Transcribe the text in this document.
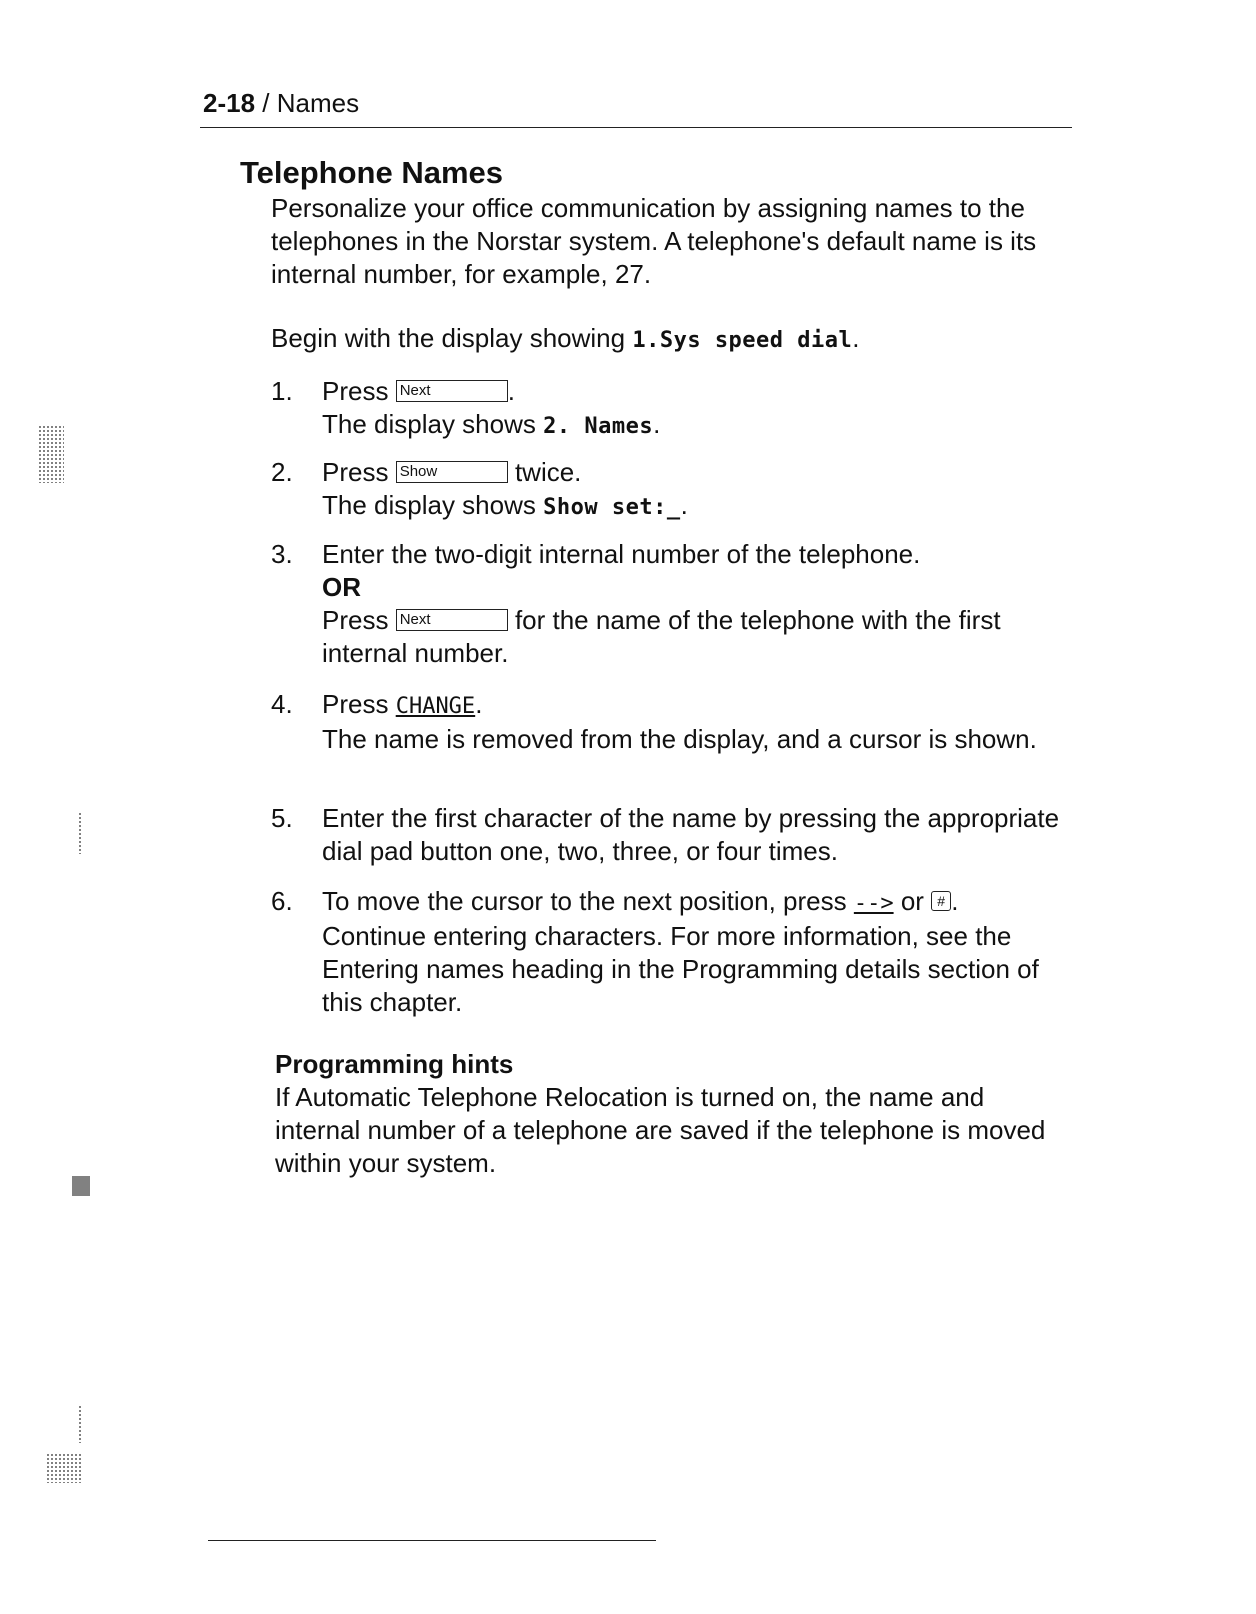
2-18 / Names
Telephone Names
Personalize your office communication by assigning names to the telephones in the Norstar system. A telephone's default name is its internal number, for example, 27.
Begin with the display showing 1.Sys speed dial.
1.	Press Next	.
The display shows 2. Names.
2.	Press Show	twice.
The display shows Show set:_.
3.	Enter the two-digit internal number of the telephone.
OR
Press Next	for the name of the telephone with the first internal number.
4.	Press CHANGE.
The name is removed from the display, and a cursor is shown.
5.	Enter the first character of the name by pressing the appropriate dial pad button one, two, three, or four times.
6.	To move the cursor to the next position, press --> or # .
Continue entering characters. For more information, see the Entering names heading in the Programming details section of this chapter.
Programming hints
If Automatic Telephone Relocation is turned on, the name and internal number of a telephone are saved if the telephone is moved within your system.
